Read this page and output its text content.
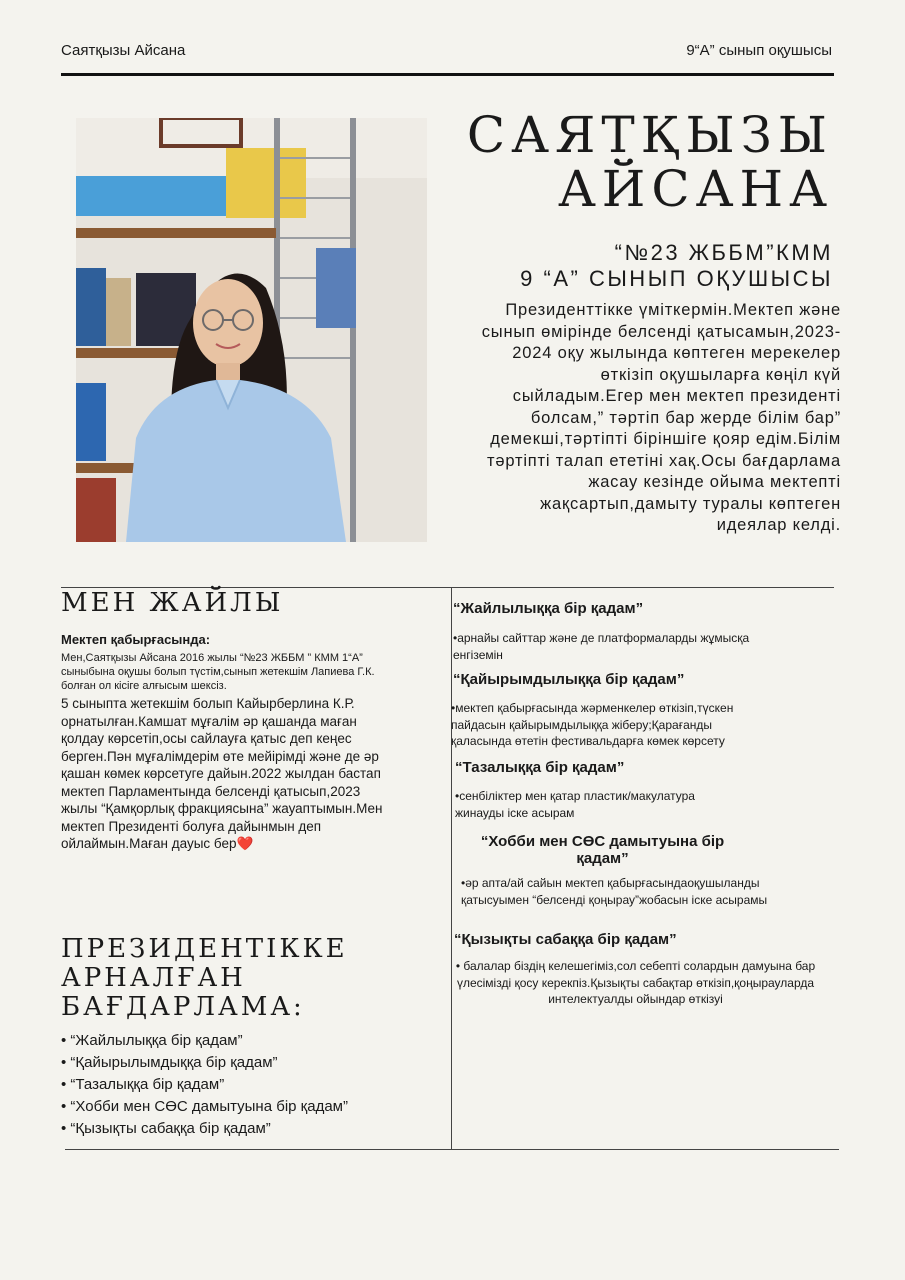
Саятқызы Айсана	9“А” сынып оқушысы
САЯТҚЫЗЫ
АЙСАНА
“№23 ЖББМ”КММ
9 “А” СЫНЫП ОҚУШЫСЫ
Президенттікке үміткермін.Мектеп және сынып өмірінде белсенді қатысамын,2023-2024 оқу жылында көптеген мерекелер өткізіп оқушыларға көңіл күй сыйладым.Егер мен мектеп президенті болсам,” тәртіп бар жерде білім бар” демекші,тәртіпті біріншіге қояр едім.Білім тәртіпті талап ететіні хақ.Осы бағдарлама жасау кезінде ойыма мектепті жақсартып,дамыту туралы көптеген идеялар келді.
МЕН ЖАЙЛЫ
Мектеп қабырғасында:
Мен,Саятқызы Айсана 2016 жылы “№23 ЖББМ ” КММ 1“А” сыныбына оқушы болып түстім,сынып жетекшім Лапиева Г.К. болған ол кісіге алғысым шексіз.
5 сыныпта жетекшім болып Кайырберлина К.Р. орнатылған.Камшат мұғалім әр қашанда маған қолдау көрсетіп,осы сайлауға қатыс деп кеңес берген.Пән мұғалімдерім өте мейірімді және де әр қашан көмек көрсетуге дайын.2022 жылдан бастап мектеп Парламентында белсенді қатысып,2023 жылы “Қамқорлық фракциясына” жауаптымын.Мен мектеп Президенті болуға дайынмын деп ойлаймын.Маған дауыс бер❤️
ПРЕЗИДЕНТІККЕ
АРНАЛҒАН
БАҒДАРЛАМА:
• “Жайлылыққа бір қадам”
• “Қайырылымдыққа бір қадам”
• “Тазалыққа бір қадам”
• “Хобби мен СӨС дамытуына бір қадам”
• “Қызықты сабаққа бір қадам”
“Жайлылыққа бір қадам”
•арнайы сайттар және де платформаларды жұмысқа енгіземін
“Қайырымдылыққа бір қадам”
•мектеп қабырғасында жәрменкелер өткізіп,түскен пайдасын қайырымдылыққа жіберу;Қарағанды қаласында өтетін фестивальдарға көмек көрсету
“Тазалыққа бір қадам”
•сенбіліктер мен қатар пластик/макулатура жинауды іске асырам
“Хобби мен СӨС дамытуына бір қадам”
•әр апта/ай сайын мектеп қабырғасындаоқушыланды қатысуымен “белсенді қоңырау”жобасын іске асырамы
“Қызықты сабаққа бір қадам”
• балалар біздің келешегіміз,сол себепті солардын дамуына бар үлесімізді қосу керекпіз.Қызықты сабақтар өткізіп,қоңырауларда интелектуалды ойындар өткізуі
